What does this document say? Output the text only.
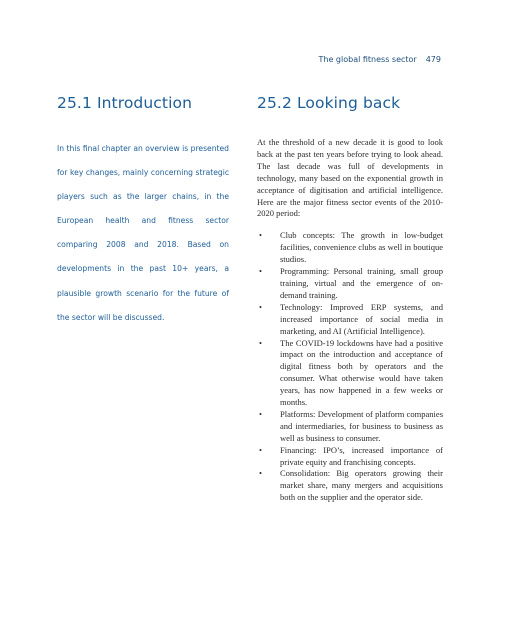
The global fitness sector 479
25.1 Introduction	25.2 Looking back

In this final chapter an overview is presented for key changes, mainly concerning strategic players such as the larger chains, in the European health and fitness sector comparing 2008 and 2018. Based on developments in the past 10+ years, a plausible growth scenario for the future of the sector will be discussed.

At the threshold of a new decade it is good to look back at the past ten years before trying to look ahead. The last decade was full of developments in technology, many based on the exponential growth in acceptance of digitisation and artificial intelligence. Here are the major fitness sector events of the 2010-2020 period:

• Club concepts: The growth in low-budget facilities, convenience clubs as well in boutique studios.
• Programming: Personal training, small group training, virtual and the emergence of on-demand training.
• Technology: Improved ERP systems, and increased importance of social media in marketing, and AI (Artificial Intelligence).
• The COVID-19 lockdowns have had a positive impact on the introduction and acceptance of digital fitness both by operators and the consumer. What otherwise would have taken years, has now happened in a few weeks or months.
• Platforms: Development of platform companies and intermediaries, for business to business as well as business to consumer.
• Financing: IPO’s, increased importance of private equity and franchising concepts.
• Consolidation: Big operators growing their market share, many mergers and acquisitions both on the supplier and the operator side.
